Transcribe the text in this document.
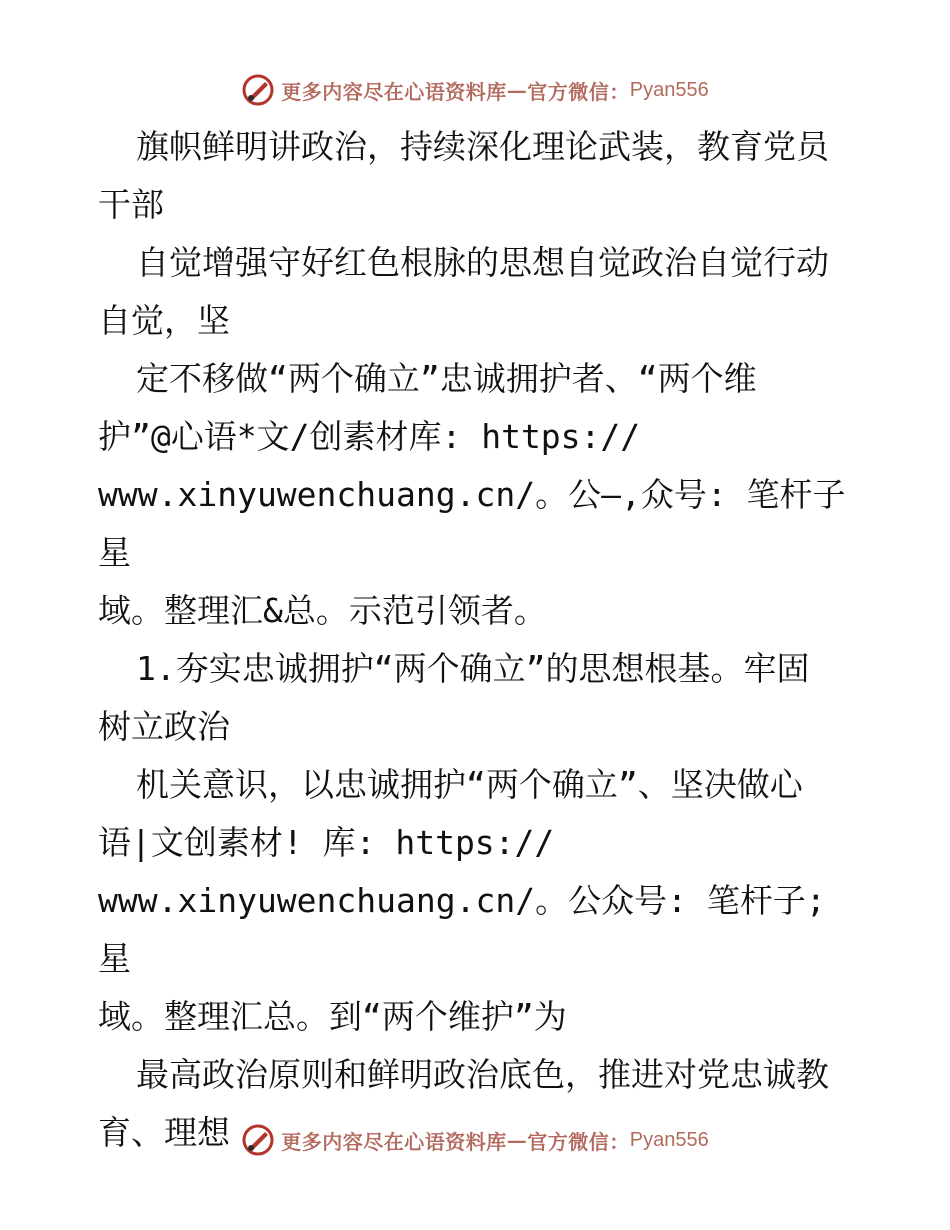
更多内容尽在心语资料库 — 官方微信： Pyan556

旗帜鲜明讲政治，持续深化理论武装，教育党员

干部

自觉增强守好红色根脉的思想自觉政治自觉行动

自觉，坚

定不移做“两个确立”忠诚拥护者、“两个维

护”@心语*文/创素材库: https://

www.xinyuwenchuang.cn/。公—,众号: 笔杆子星

域。整理汇&总。示范引领者。

1.夯实忠诚拥护“两个确立”的思想根基。牢固

树立政治

机关意识，以忠诚拥护“两个确立”、坚决做心

语|文创素材! 库: https://

www.xinyuwenchuang.cn/。公众号: 笔杆子;星

域。整理汇总。到“两个维护”为

最高政治原则和鲜明政治底色，推进对党忠诚教

育、理想	更多内容尽在心语资料库 — 官方微信： Pyan556
